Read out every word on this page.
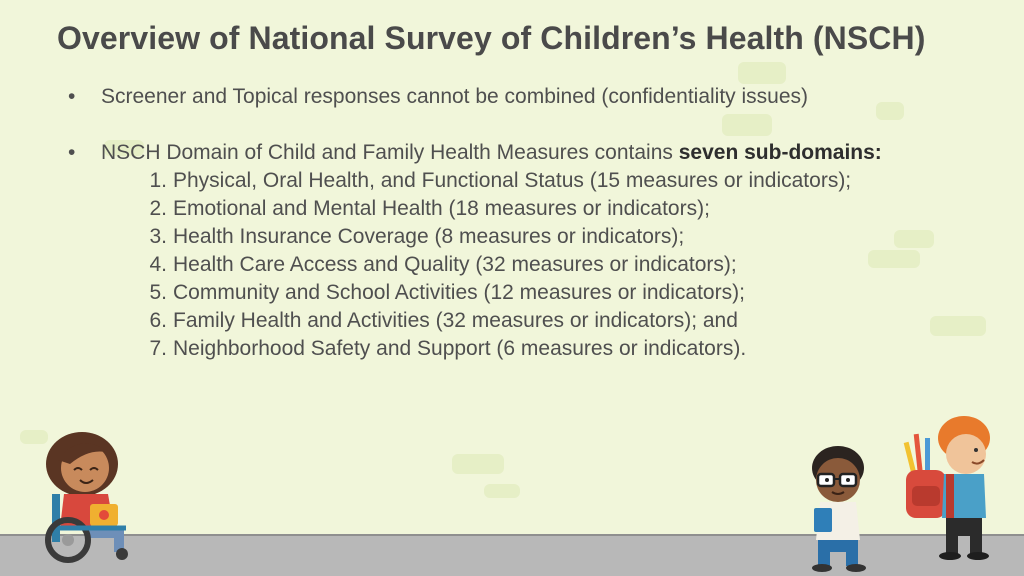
Overview of National Survey of Children’s Health (NSCH)
•	Screener and Topical responses cannot be combined (confidentiality issues)
•	NSCH Domain of Child and Family Health Measures contains seven sub-domains:
1. Physical, Oral Health, and Functional Status (15 measures or indicators);
2. Emotional and Mental Health (18 measures or indicators);
3. Health Insurance Coverage (8 measures or indicators);
4. Health Care Access and Quality (32 measures or indicators);
5. Community and School Activities (12 measures or indicators);
6. Family Health and Activities (32 measures or indicators); and
7. Neighborhood Safety and Support (6 measures or indicators).
